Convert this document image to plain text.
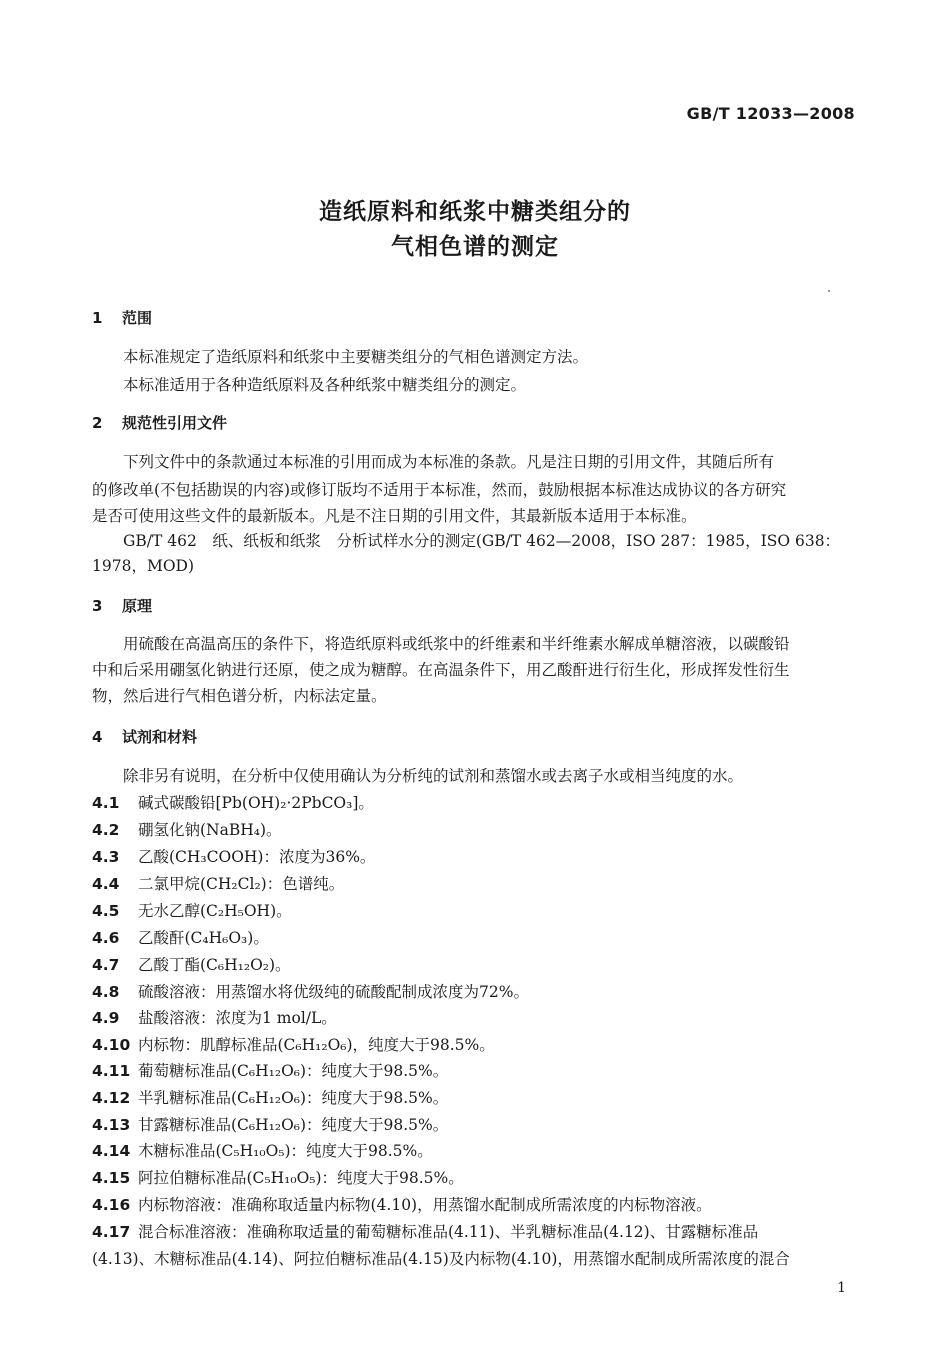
GB/T 12033—2008
造纸原料和纸浆中糖类组分的
气相色谱的测定
1 范围
本标准规定了造纸原料和纸浆中主要糖类组分的气相色谱测定方法。
本标准适用于各种造纸原料及各种纸浆中糖类组分的测定。
2 规范性引用文件
下列文件中的条款通过本标准的引用而成为本标准的条款。凡是注日期的引用文件，其随后所有
的修改单(不包括勘误的内容)或修订版均不适用于本标准，然而，鼓励根据本标准达成协议的各方研究
是否可使用这些文件的最新版本。凡是不注日期的引用文件，其最新版本适用于本标准。
GB/T 462　纸、纸板和纸浆　分析试样水分的测定(GB/T 462—2008，ISO 287：1985，ISO 638：
1978，MOD)
3 原理
用硫酸在高温高压的条件下，将造纸原料或纸浆中的纤维素和半纤维素水解成单糖溶液，以碳酸铅
中和后采用硼氢化钠进行还原，使之成为糖醇。在高温条件下，用乙酸酐进行衍生化，形成挥发性衍生
物，然后进行气相色谱分析，内标法定量。
4 试剂和材料
除非另有说明，在分析中仅使用确认为分析纯的试剂和蒸馏水或去离子水或相当纯度的水。
4.1 碱式碳酸铅[Pb(OH)₂·2PbCO₃]。
4.2 硼氢化钠(NaBH₄)。
4.3 乙酸(CH₃COOH)：浓度为36%。
4.4 二氯甲烷(CH₂Cl₂)：色谱纯。
4.5 无水乙醇(C₂H₅OH)。
4.6 乙酸酐(C₄H₆O₃)。
4.7 乙酸丁酯(C₆H₁₂O₂)。
4.8 硫酸溶液：用蒸馏水将优级纯的硫酸配制成浓度为72%。
4.9 盐酸溶液：浓度为1 mol/L。
4.10 内标物：肌醇标准品(C₆H₁₂O₆)，纯度大于98.5%。
4.11 葡萄糖标准品(C₆H₁₂O₆)：纯度大于98.5%。
4.12 半乳糖标准品(C₆H₁₂O₆)：纯度大于98.5%。
4.13 甘露糖标准品(C₆H₁₂O₆)：纯度大于98.5%。
4.14 木糖标准品(C₅H₁₀O₅)：纯度大于98.5%。
4.15 阿拉伯糖标准品(C₅H₁₀O₅)：纯度大于98.5%。
4.16 内标物溶液：准确称取适量内标物(4.10)，用蒸馏水配制成所需浓度的内标物溶液。
4.17 混合标准溶液：准确称取适量的葡萄糖标准品(4.11)、半乳糖标准品(4.12)、甘露糖标准品
(4.13)、木糖标准品(4.14)、阿拉伯糖标准品(4.15)及内标物(4.10)，用蒸馏水配制成所需浓度的混合
1
